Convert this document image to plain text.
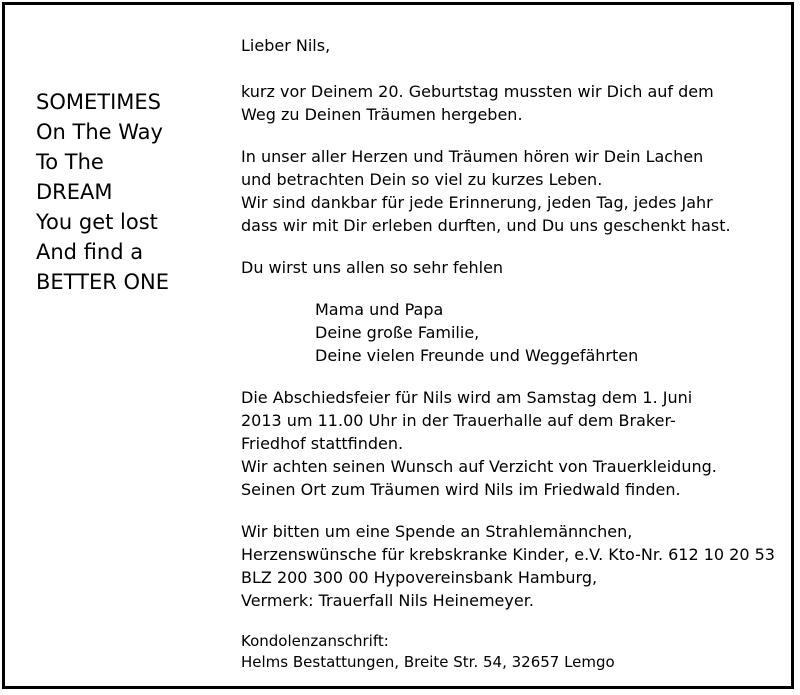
SOMETIMES
On The Way
To The
DREAM
You get lost
And find a
BETTER ONE

Lieber Nils,

kurz vor Deinem 20. Geburtstag mussten wir Dich auf dem

Weg zu Deinen Träumen hergeben.

In unser aller Herzen und Träumen hören wir Dein Lachen

und betrachten Dein so viel zu kurzes Leben.

Wir sind dankbar für jede Erinnerung, jeden Tag, jedes Jahr

dass wir mit Dir erleben durften, und Du uns geschenkt hast.

Du wirst uns allen so sehr fehlen

Mama und Papa

Deine große Familie,

Deine vielen Freunde und Weggefährten

Die Abschiedsfeier für Nils wird am Samstag dem 1. Juni

2013 um 11.00 Uhr in der Trauerhalle auf dem Braker-

Friedhof stattfinden.

Wir achten seinen Wunsch auf Verzicht von Trauerkleidung.

Seinen Ort zum Träumen wird Nils im Friedwald finden.

Wir bitten um eine Spende an Strahlemännchen,

Herzenswünsche für krebskranke Kinder, e.V. Kto-Nr. 612 10 20 53

BLZ 200 300 00 Hypovereinsbank Hamburg,

Vermerk: Trauerfall Nils Heinemeyer.

Kondolenzanschrift:

Helms Bestattungen, Breite Str. 54, 32657 Lemgo
